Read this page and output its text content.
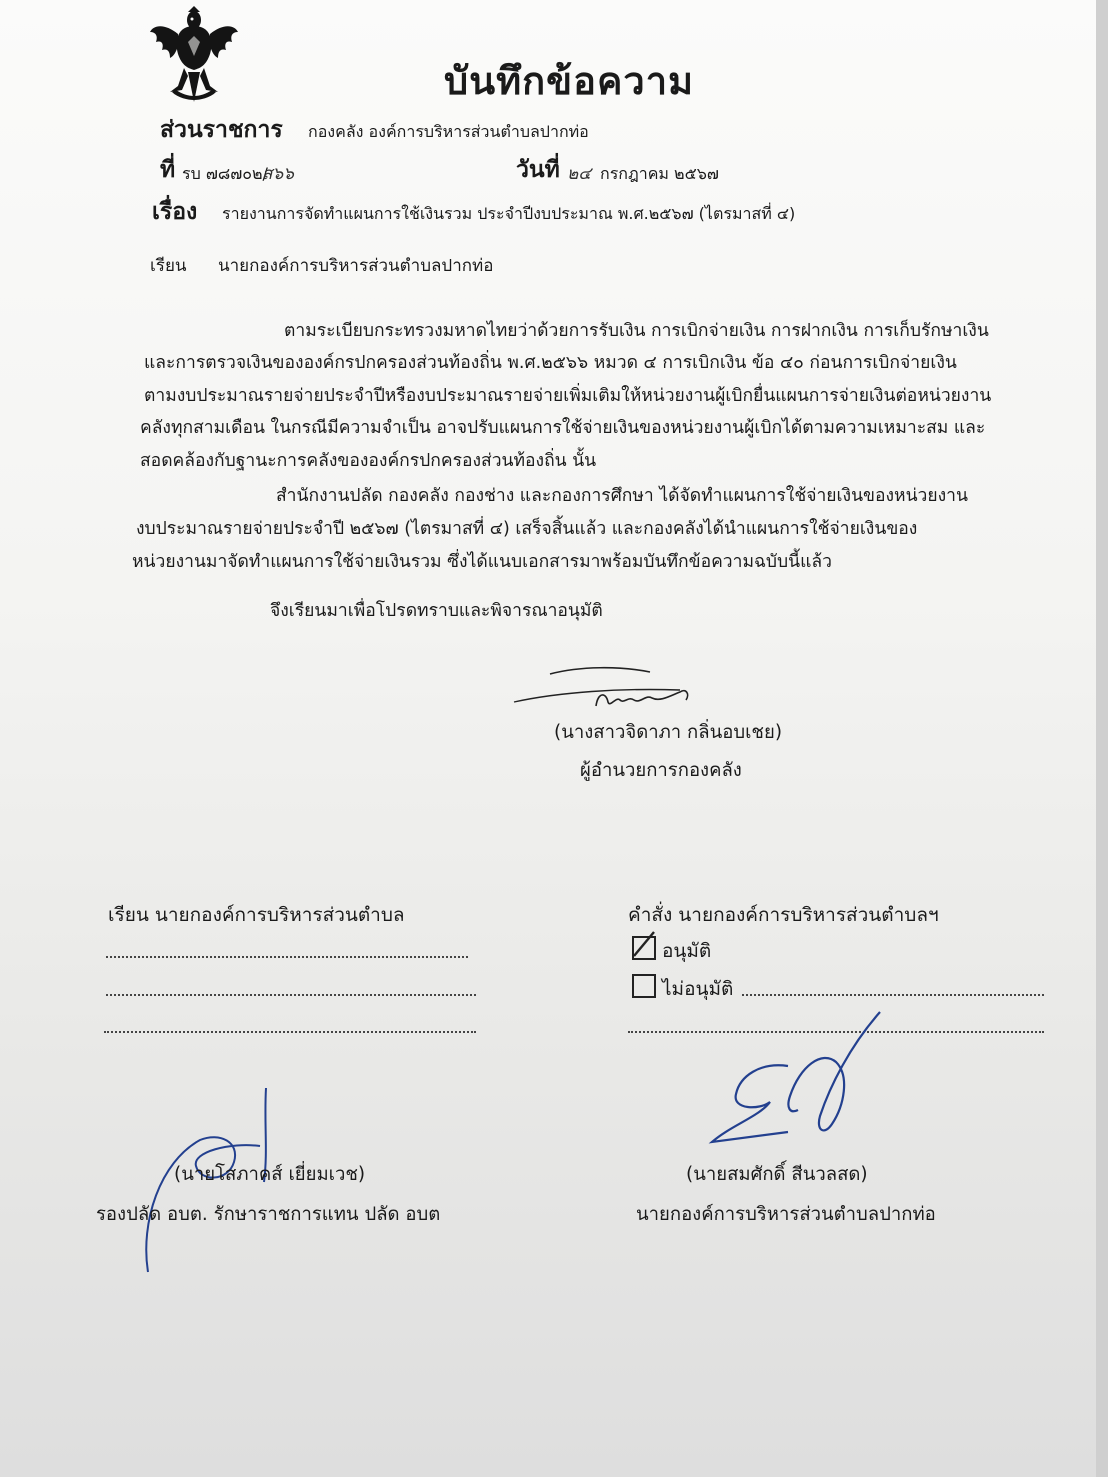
บันทึกข้อความ
ส่วนราชการ กองคลัง องค์การบริหารส่วนตำบลปากท่อ
ที่ รบ ๗๘๗๐๒/
ส๖๖	วันที่ ๒๔ กรกฎาคม ๒๕๖๗
เรื่อง รายงานการจัดทำแผนการใช้เงินรวม ประจำปีงบประมาณ พ.ศ.๒๕๖๗ (ไตรมาสที่ ๔)
เรียน นายกองค์การบริหารส่วนตำบลปากท่อ
ตามระเบียบกระทรวงมหาดไทยว่าด้วยการรับเงิน การเบิกจ่ายเงิน การฝากเงิน การเก็บรักษาเงิน
และการตรวจเงินขององค์กรปกครองส่วนท้องถิ่น พ.ศ.๒๕๖๖ หมวด ๔ การเบิกเงิน ข้อ ๔๐ ก่อนการเบิกจ่ายเงิน
ตามงบประมาณรายจ่ายประจำปีหรืองบประมาณรายจ่ายเพิ่มเติมให้หน่วยงานผู้เบิกยื่นแผนการจ่ายเงินต่อหน่วยงาน
คลังทุกสามเดือน ในกรณีมีความจำเป็น อาจปรับแผนการใช้จ่ายเงินของหน่วยงานผู้เบิกได้ตามความเหมาะสม และ
สอดคล้องกับฐานะการคลังขององค์กรปกครองส่วนท้องถิ่น นั้น
สำนักงานปลัด กองคลัง กองช่าง และกองการศึกษา ได้จัดทำแผนการใช้จ่ายเงินของหน่วยงาน
งบประมาณรายจ่ายประจำปี ๒๕๖๗ (ไตรมาสที่ ๔) เสร็จสิ้นแล้ว และกองคลังได้นำแผนการใช้จ่ายเงินของ
หน่วยงานมาจัดทำแผนการใช้จ่ายเงินรวม ซึ่งได้แนบเอกสารมาพร้อมบันทึกข้อความฉบับนี้แล้ว
จึงเรียนมาเพื่อโปรดทราบและพิจารณาอนุมัติ
(นางสาวจิดาภา กลิ่นอบเชย)
ผู้อำนวยการกองคลัง
เรียน นายกองค์การบริหารส่วนตำบล
(นายโสภาคส์ เยี่ยมเวช)
รองปลัด อบต. รักษาราชการแทน ปลัด อบต
คำสั่ง นายกองค์การบริหารส่วนตำบลฯ
อนุมัติ
ไม่อนุมัติ
(นายสมศักดิ์ สีนวลสด)
นายกองค์การบริหารส่วนตำบลปากท่อ
